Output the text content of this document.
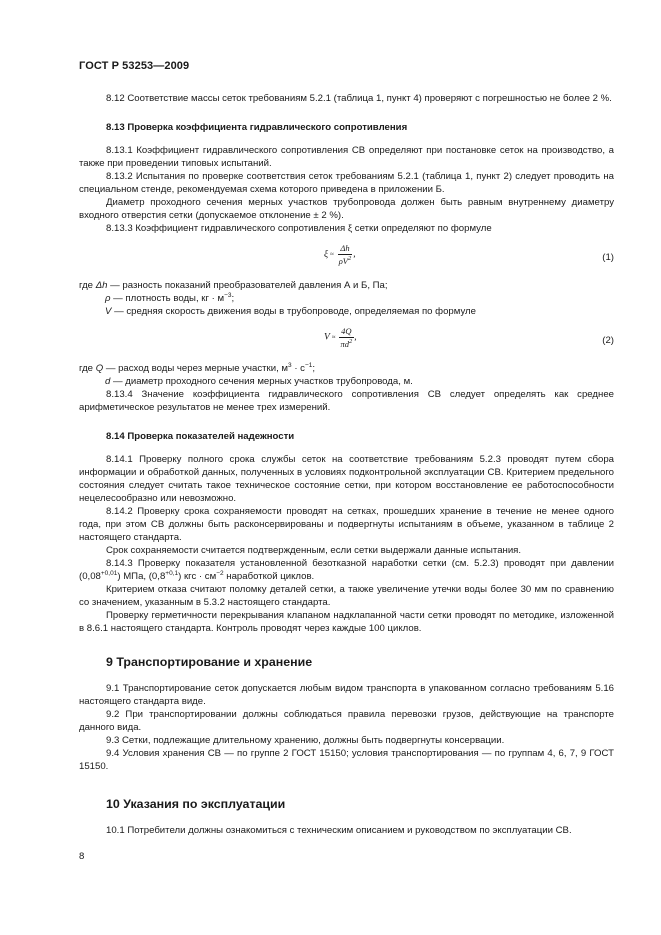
ГОСТ Р 53253—2009

8.12 Соответствие массы сеток требованиям 5.2.1 (таблица 1, пункт 4) проверяют с погрешностью не более 2 %.

8.13 Проверка коэффициента гидравлического сопротивления

8.13.1 Коэффициент гидравлического сопротивления СВ определяют при постановке сеток на производство, а также при проведении типовых испытаний.

8.13.2 Испытания по проверке соответствия сеток требованиям 5.2.1 (таблица 1, пункт 2) следует проводить на специальном стенде, рекомендуемая схема которого приведена в приложении Б.

Диаметр проходного сечения мерных участков трубопровода должен быть равным внутреннему диаметру входного отверстия сетки (допускаемое отклонение ± 2 %).

8.13.3 Коэффициент гидравлического сопротивления ξ сетки определяют по формуле

$\xi \approx \frac{\Delta h}{\rho V^2}$ ,	(1)
где Δh — разность показаний преобразователей давления А и Б, Па;
ρ — плотность воды, кг · $м^{-3}$;
V — средняя скорость движения воды в трубопроводе, определяемая по формуле
$V \approx \frac{4Q}{\pi d^2}$ ,	(2)
где Q — расход воды через мерные участки, $м^3 \cdot с^{-1}$;
d — диаметр проходного сечения мерных участков трубопровода, м.

8.13.4 Значение коэффициента гидравлического сопротивления СВ следует определять как среднее арифметическое результатов не менее трех измерений.

8.14 Проверка показателей надежности

8.14.1 Проверку полного срока службы сеток на соответствие требованиям 5.2.3 проводят путем сбора информации и обработкой данных, полученных в условиях подконтрольной эксплуатации СВ. Критерием предельного состояния следует считать такое техническое состояние сетки, при котором восстановление ее работоспособности нецелесообразно или невозможно.

8.14.2 Проверку срока сохраняемости проводят на сетках, прошедших хранение в течение не менее одного года, при этом СВ должны быть расконсервированы и подвергнуты испытаниям в объеме, указанном в таблице 2 настоящего стандарта.

Срок сохраняемости считается подтвержденным, если сетки выдержали данные испытания.

8.14.3 Проверку показателя установленной безотказной наработки сетки (см. 5.2.3) проводят при давлении $(0,08^{+0,01})$ МПа, $(0,8^{+0,1})$ кгс · $см^{-2}$ наработкой циклов.

Критерием отказа считают поломку деталей сетки, а также увеличение утечки воды более 30 мм по сравнению со значением, указанным в 5.3.2 настоящего стандарта.

Проверку герметичности перекрывания клапаном надклапанной части сетки проводят по методике, изложенной в 8.6.1 настоящего стандарта. Контроль проводят через каждые 100 циклов.

9 Транспортирование и хранение

9.1 Транспортирование сеток допускается любым видом транспорта в упакованном согласно требованиям 5.16 настоящего стандарта виде.

9.2 При транспортировании должны соблюдаться правила перевозки грузов, действующие на транспорте данного вида.

9.3 Сетки, подлежащие длительному хранению, должны быть подвергнуты консервации.

9.4 Условия хранения СВ — по группе 2 ГОСТ 15150; условия транспортирования — по группам 4, 6, 7, 9 ГОСТ 15150.

10 Указания по эксплуатации

10.1 Потребители должны ознакомиться с техническим описанием и руководством по эксплуатации СВ.

8
